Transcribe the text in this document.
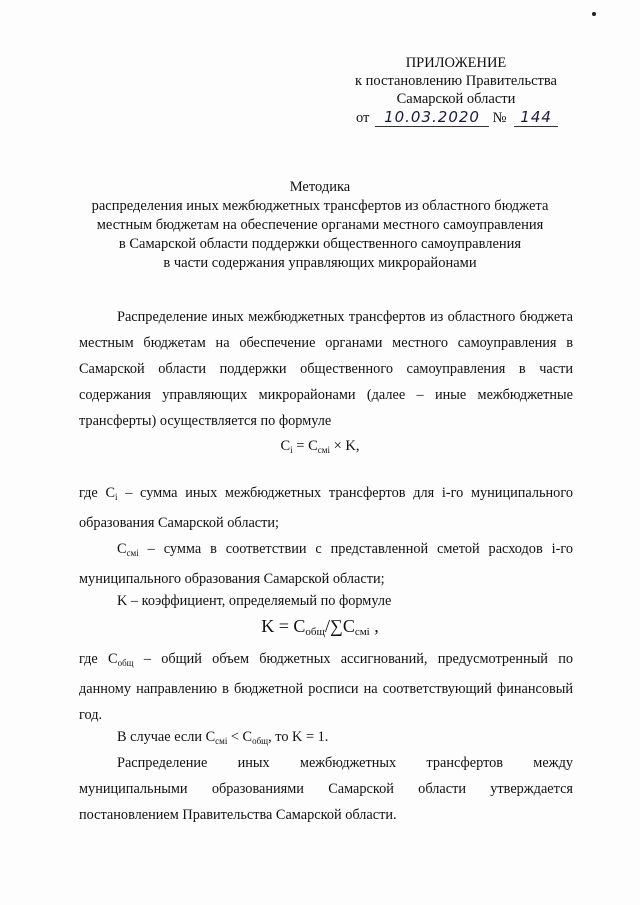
ПРИЛОЖЕНИЕ
к постановлению Правительства
Самарской области
от 10.03.2020 № 144
Методика
распределения иных межбюджетных трансфертов из областного бюджета
местным бюджетам на обеспечение органами местного самоуправления
в Самарской области поддержки общественного самоуправления
в части содержания управляющих микрорайонами
Распределение иных межбюджетных трансфертов из областного бюджета местным бюджетам на обеспечение органами местного самоуправления в Самарской области поддержки общественного самоуправления в части содержания управляющих микрорайонами (далее – иные межбюджетные трансферты) осуществляется по формуле
$C_i = C_{смi} \times K$,
где $C_i$ – сумма иных межбюджетных трансфертов для i-го муниципального образования Самарской области;
$C_{смi}$ – сумма в соответствии с представленной сметой расходов i-го муниципального образования Самарской области;
K – коэффициент, определяемый по формуле
$K = C_{общ}/\sum C_{смi}$ ,
где $C_{общ}$ – общий объем бюджетных ассигнований, предусмотренный по данному направлению в бюджетной росписи на соответствующий финансовый год.
В случае если $C_{смi} < C_{общ}$, то K = 1.
Распределение иных межбюджетных трансфертов между муниципальными образованиями Самарской области утверждается постановлением Правительства Самарской области.
